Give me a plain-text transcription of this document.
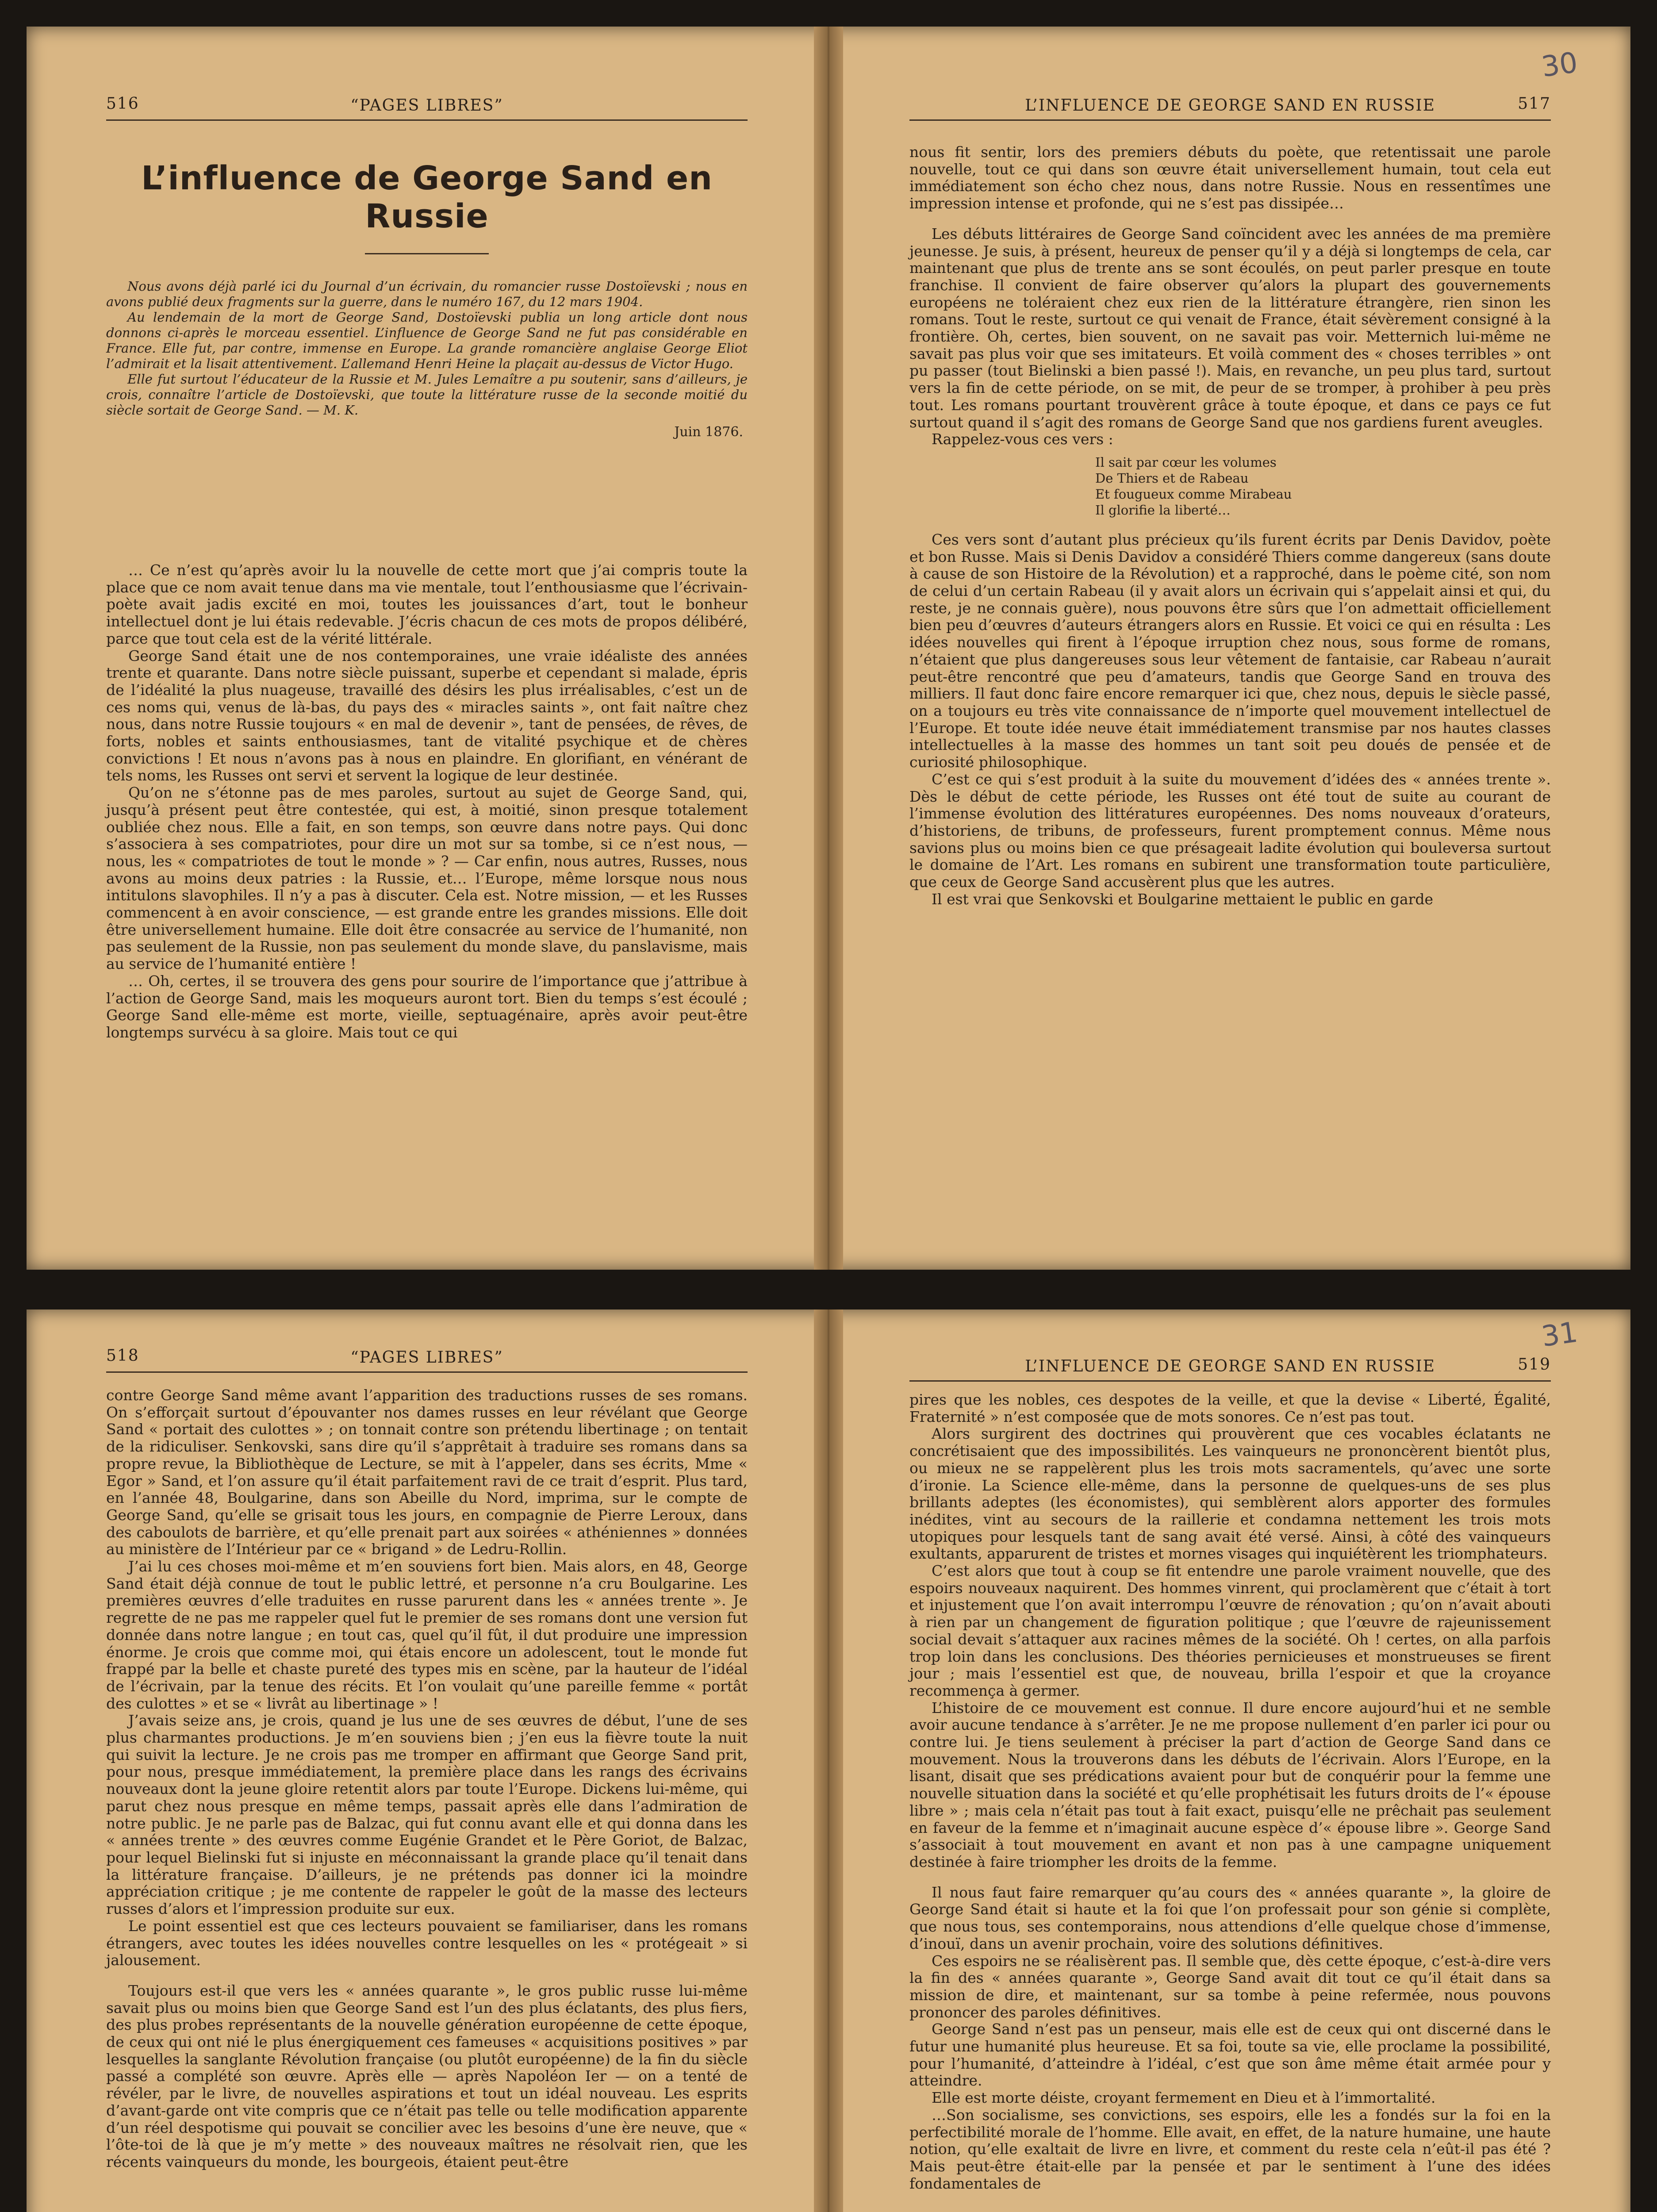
516	“PAGES LIBRES”
L’influence de George Sand en Russie

Nous avons déjà parlé ici du Journal d’un écrivain, du romancier russe Dostoïevski ; nous en avons publié deux fragments sur la guerre, dans le numéro 167, du 12 mars 1904.

Au lendemain de la mort de George Sand, Dostoïevski publia un long article dont nous donnons ci-après le morceau essentiel. L’influence de George Sand ne fut pas considérable en France. Elle fut, par contre, immense en Europe. La grande romancière anglaise George Eliot l’admirait et la lisait attentivement. L’allemand Henri Heine la plaçait au-dessus de Victor Hugo.

Elle fut surtout l’éducateur de la Russie et M. Jules Lemaître a pu soutenir, sans d’ailleurs, je crois, connaître l’article de Dostoïevski, que toute la littérature russe de la seconde moitié du siècle sortait de George Sand. — M. K.

Juin 1876.

… Ce n’est qu’après avoir lu la nouvelle de cette mort que j’ai compris toute la place que ce nom avait tenue dans ma vie mentale, tout l’enthousiasme que l’écrivain-poète avait jadis excité en moi, toutes les jouissances d’art, tout le bonheur intellectuel dont je lui étais redevable. J’écris chacun de ces mots de propos délibéré, parce que tout cela est de la vérité littérale.

George Sand était une de nos contemporaines, une vraie idéaliste des années trente et quarante. Dans notre siècle puissant, superbe et cependant si malade, épris de l’idéalité la plus nuageuse, travaillé des désirs les plus irréalisables, c’est un de ces noms qui, venus de là-bas, du pays des « miracles saints », ont fait naître chez nous, dans notre Russie toujours « en mal de devenir », tant de pensées, de rêves, de forts, nobles et saints enthousiasmes, tant de vitalité psychique et de chères convictions ! Et nous n’avons pas à nous en plaindre. En glorifiant, en vénérant de tels noms, les Russes ont servi et servent la logique de leur destinée.

Qu’on ne s’étonne pas de mes paroles, surtout au sujet de George Sand, qui, jusqu’à présent peut être contestée, qui est, à moitié, sinon presque totalement oubliée chez nous. Elle a fait, en son temps, son œuvre dans notre pays. Qui donc s’associera à ses compatriotes, pour dire un mot sur sa tombe, si ce n’est nous, — nous, les « compatriotes de tout le monde » ? — Car enfin, nous autres, Russes, nous avons au moins deux patries : la Russie, et… l’Europe, même lorsque nous nous intitulons slavophiles. Il n’y a pas à discuter. Cela est. Notre mission, — et les Russes commencent à en avoir conscience, — est grande entre les grandes missions. Elle doit être universellement humaine. Elle doit être consacrée au service de l’humanité, non pas seulement de la Russie, non pas seulement du monde slave, du panslavisme, mais au service de l’humanité entière !

… Oh, certes, il se trouvera des gens pour sourire de l’importance que j’attribue à l’action de George Sand, mais les moqueurs auront tort. Bien du temps s’est écoulé ; George Sand elle-même est morte, vieille, septuagénaire, après avoir peut-être longtemps survécu à sa gloire. Mais tout ce qui

30
L’INFLUENCE DE GEORGE SAND EN RUSSIE	517

nous fit sentir, lors des premiers débuts du poète, que retentissait une parole nouvelle, tout ce qui dans son œuvre était universellement humain, tout cela eut immédiatement son écho chez nous, dans notre Russie. Nous en ressentîmes une impression intense et profonde, qui ne s’est pas dissipée…

Les débuts littéraires de George Sand coïncident avec les années de ma première jeunesse. Je suis, à présent, heureux de penser qu’il y a déjà si longtemps de cela, car maintenant que plus de trente ans se sont écoulés, on peut parler presque en toute franchise. Il convient de faire observer qu’alors la plupart des gouvernements européens ne toléraient chez eux rien de la littérature étrangère, rien sinon les romans. Tout le reste, surtout ce qui venait de France, était sévèrement consigné à la frontière. Oh, certes, bien souvent, on ne savait pas voir. Metternich lui-même ne savait pas plus voir que ses imitateurs. Et voilà comment des « choses terribles » ont pu passer (tout Bielinski a bien passé !). Mais, en revanche, un peu plus tard, surtout vers la fin de cette période, on se mit, de peur de se tromper, à prohiber à peu près tout. Les romans pourtant trouvèrent grâce à toute époque, et dans ce pays ce fut surtout quand il s’agit des romans de George Sand que nos gardiens furent aveugles.

Rappelez-vous ces vers :

Il sait par cœur les volumes
De Thiers et de Rabeau
Et fougueux comme Mirabeau
Il glorifie la liberté…

Ces vers sont d’autant plus précieux qu’ils furent écrits par Denis Davidov, poète et bon Russe. Mais si Denis Davidov a considéré Thiers comme dangereux (sans doute à cause de son Histoire de la Révolution) et a rapproché, dans le poème cité, son nom de celui d’un certain Rabeau (il y avait alors un écrivain qui s’appelait ainsi et qui, du reste, je ne connais guère), nous pouvons être sûrs que l’on admettait officiellement bien peu d’œuvres d’auteurs étrangers alors en Russie. Et voici ce qui en résulta : Les idées nouvelles qui firent à l’époque irruption chez nous, sous forme de romans, n’étaient que plus dangereuses sous leur vêtement de fantaisie, car Rabeau n’aurait peut-être rencontré que peu d’amateurs, tandis que George Sand en trouva des milliers. Il faut donc faire encore remarquer ici que, chez nous, depuis le siècle passé, on a toujours eu très vite connaissance de n’importe quel mouvement intellectuel de l’Europe. Et toute idée neuve était immédiatement transmise par nos hautes classes intellectuelles à la masse des hommes un tant soit peu doués de pensée et de curiosité philosophique.

C’est ce qui s’est produit à la suite du mouvement d’idées des « années trente ». Dès le début de cette période, les Russes ont été tout de suite au courant de l’immense évolution des littératures européennes. Des noms nouveaux d’orateurs, d’historiens, de tribuns, de professeurs, furent promptement connus. Même nous savions plus ou moins bien ce que présageait ladite évolution qui bouleversa surtout le domaine de l’Art. Les romans en subirent une transformation toute particulière, que ceux de George Sand accusèrent plus que les autres.

Il est vrai que Senkovski et Boulgarine mettaient le public en garde

518	“PAGES LIBRES”

contre George Sand même avant l’apparition des traductions russes de ses romans. On s’efforçait surtout d’épouvanter nos dames russes en leur révélant que George Sand « portait des culottes » ; on tonnait contre son prétendu libertinage ; on tentait de la ridiculiser. Senkovski, sans dire qu’il s’apprêtait à traduire ses romans dans sa propre revue, la Bibliothèque de Lecture, se mit à l’appeler, dans ses écrits, Mme « Egor » Sand, et l’on assure qu’il était parfaitement ravi de ce trait d’esprit. Plus tard, en l’année 48, Boulgarine, dans son Abeille du Nord, imprima, sur le compte de George Sand, qu’elle se grisait tous les jours, en compagnie de Pierre Leroux, dans des caboulots de barrière, et qu’elle prenait part aux soirées « athéniennes » données au ministère de l’Intérieur par ce « brigand » de Ledru-Rollin.

J’ai lu ces choses moi-même et m’en souviens fort bien. Mais alors, en 48, George Sand était déjà connue de tout le public lettré, et personne n’a cru Boulgarine. Les premières œuvres d’elle traduites en russe parurent dans les « années trente ». Je regrette de ne pas me rappeler quel fut le premier de ses romans dont une version fut donnée dans notre langue ; en tout cas, quel qu’il fût, il dut produire une impression énorme. Je crois que comme moi, qui étais encore un adolescent, tout le monde fut frappé par la belle et chaste pureté des types mis en scène, par la hauteur de l’idéal de l’écrivain, par la tenue des récits. Et l’on voulait qu’une pareille femme « portât des culottes » et se « livrât au libertinage » !

J’avais seize ans, je crois, quand je lus une de ses œuvres de début, l’une de ses plus charmantes productions. Je m’en souviens bien ; j’en eus la fièvre toute la nuit qui suivit la lecture. Je ne crois pas me tromper en affirmant que George Sand prit, pour nous, presque immédiatement, la première place dans les rangs des écrivains nouveaux dont la jeune gloire retentit alors par toute l’Europe. Dickens lui-même, qui parut chez nous presque en même temps, passait après elle dans l’admiration de notre public. Je ne parle pas de Balzac, qui fut connu avant elle et qui donna dans les « années trente » des œuvres comme Eugénie Grandet et le Père Goriot, de Balzac, pour lequel Bielinski fut si injuste en méconnaissant la grande place qu’il tenait dans la littérature française. D’ailleurs, je ne prétends pas donner ici la moindre appréciation critique ; je me contente de rappeler le goût de la masse des lecteurs russes d’alors et l’impression produite sur eux.

Le point essentiel est que ces lecteurs pouvaient se familiariser, dans les romans étrangers, avec toutes les idées nouvelles contre lesquelles on les « protégeait » si jalousement.

Toujours est-il que vers les « années quarante », le gros public russe lui-même savait plus ou moins bien que George Sand est l’un des plus éclatants, des plus fiers, des plus probes représentants de la nouvelle génération européenne de cette époque, de ceux qui ont nié le plus énergiquement ces fameuses « acquisitions positives » par lesquelles la sanglante Révolution française (ou plutôt européenne) de la fin du siècle passé a complété son œuvre. Après elle — après Napoléon Ier — on a tenté de révéler, par le livre, de nouvelles aspirations et tout un idéal nouveau. Les esprits d’avant-garde ont vite compris que ce n’était pas telle ou telle modification apparente d’un réel despotisme qui pouvait se concilier avec les besoins d’une ère neuve, que « l’ôte-toi de là que je m’y mette » des nouveaux maîtres ne résolvait rien, que les récents vainqueurs du monde, les bourgeois, étaient peut-être

31
L’INFLUENCE DE GEORGE SAND EN RUSSIE	519

pires que les nobles, ces despotes de la veille, et que la devise « Liberté, Égalité, Fraternité » n’est composée que de mots sonores. Ce n’est pas tout.

Alors surgirent des doctrines qui prouvèrent que ces vocables éclatants ne concrétisaient que des impossibilités. Les vainqueurs ne prononcèrent bientôt plus, ou mieux ne se rappelèrent plus les trois mots sacramentels, qu’avec une sorte d’ironie. La Science elle-même, dans la personne de quelques-uns de ses plus brillants adeptes (les économistes), qui semblèrent alors apporter des formules inédites, vint au secours de la raillerie et condamna nettement les trois mots utopiques pour lesquels tant de sang avait été versé. Ainsi, à côté des vainqueurs exultants, apparurent de tristes et mornes visages qui inquiétèrent les triomphateurs.

C’est alors que tout à coup se fit entendre une parole vraiment nouvelle, que des espoirs nouveaux naquirent. Des hommes vinrent, qui proclamèrent que c’était à tort et injustement que l’on avait interrompu l’œuvre de rénovation ; qu’on n’avait abouti à rien par un changement de figuration politique ; que l’œuvre de rajeunissement social devait s’attaquer aux racines mêmes de la société. Oh ! certes, on alla parfois trop loin dans les conclusions. Des théories pernicieuses et monstrueuses se firent jour ; mais l’essentiel est que, de nouveau, brilla l’espoir et que la croyance recommença à germer.

L’histoire de ce mouvement est connue. Il dure encore aujourd’hui et ne semble avoir aucune tendance à s’arrêter. Je ne me propose nullement d’en parler ici pour ou contre lui. Je tiens seulement à préciser la part d’action de George Sand dans ce mouvement. Nous la trouverons dans les débuts de l’écrivain. Alors l’Europe, en la lisant, disait que ses prédications avaient pour but de conquérir pour la femme une nouvelle situation dans la société et qu’elle prophétisait les futurs droits de l’« épouse libre » ; mais cela n’était pas tout à fait exact, puisqu’elle ne prêchait pas seulement en faveur de la femme et n’imaginait aucune espèce d’« épouse libre ». George Sand s’associait à tout mouvement en avant et non pas à une campagne uniquement destinée à faire triompher les droits de la femme.

Il nous faut faire remarquer qu’au cours des « années quarante », la gloire de George Sand était si haute et la foi que l’on professait pour son génie si complète, que nous tous, ses contemporains, nous attendions d’elle quelque chose d’immense, d’inouï, dans un avenir prochain, voire des solutions définitives.

Ces espoirs ne se réalisèrent pas. Il semble que, dès cette époque, c’est-à-dire vers la fin des « années quarante », George Sand avait dit tout ce qu’il était dans sa mission de dire, et maintenant, sur sa tombe à peine refermée, nous pouvons prononcer des paroles définitives.

George Sand n’est pas un penseur, mais elle est de ceux qui ont discerné dans le futur une humanité plus heureuse. Et sa foi, toute sa vie, elle proclame la possibilité, pour l’humanité, d’atteindre à l’idéal, c’est que son âme même était armée pour y atteindre.

Elle est morte déiste, croyant fermement en Dieu et à l’immortalité.

…Son socialisme, ses convictions, ses espoirs, elle les a fondés sur la foi en la perfectibilité morale de l’homme. Elle avait, en effet, de la nature humaine, une haute notion, qu’elle exaltait de livre en livre, et comment du reste cela n’eût-il pas été ? Mais peut-être était-elle par la pensée et par le sentiment à l’une des idées fondamentales de
